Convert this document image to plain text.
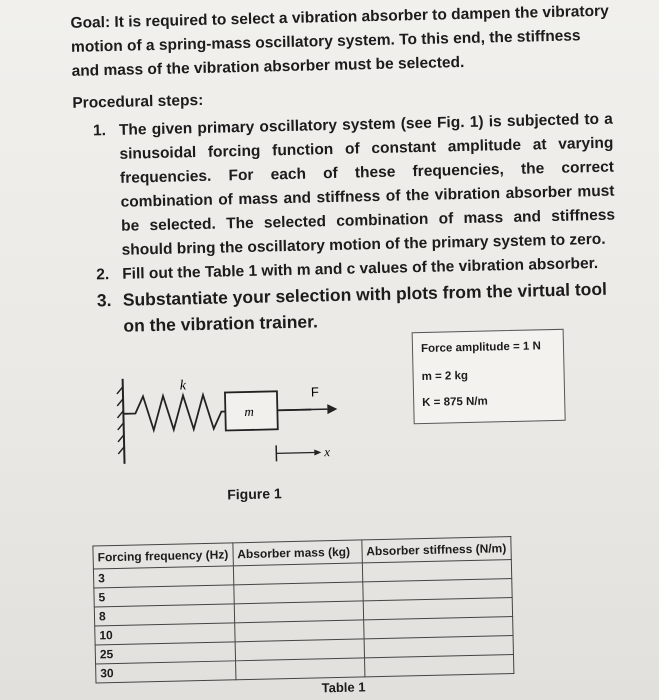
Goal: It is required to select a vibration absorber to dampen the vibratory motion of a spring-mass oscillatory system. To this end, the stiffness and mass of the vibration absorber must be selected.

Procedural steps:

1. The given primary oscillatory system (see Fig. 1) is subjected to a sinusoidal forcing function of constant amplitude at varying frequencies. For each of these frequencies, the correct combination of mass and stiffness of the vibration absorber must be selected. The selected combination of mass and stiffness should bring the oscillatory motion of the primary system to zero.
2. Fill out the Table 1 with m and c values of the vibration absorber.
3. Substantiate your selection with plots from the virtual tool on the vibration trainer.
k
m
F
x
Figure 1
Force amplitude = 1 N
m = 2 kg
K = 875 N/m
Forcing frequency (Hz)	Absorber mass (kg)	Absorber stiffness (N/m)
3		
5		
8		
10		
25		
30		
Table 1
